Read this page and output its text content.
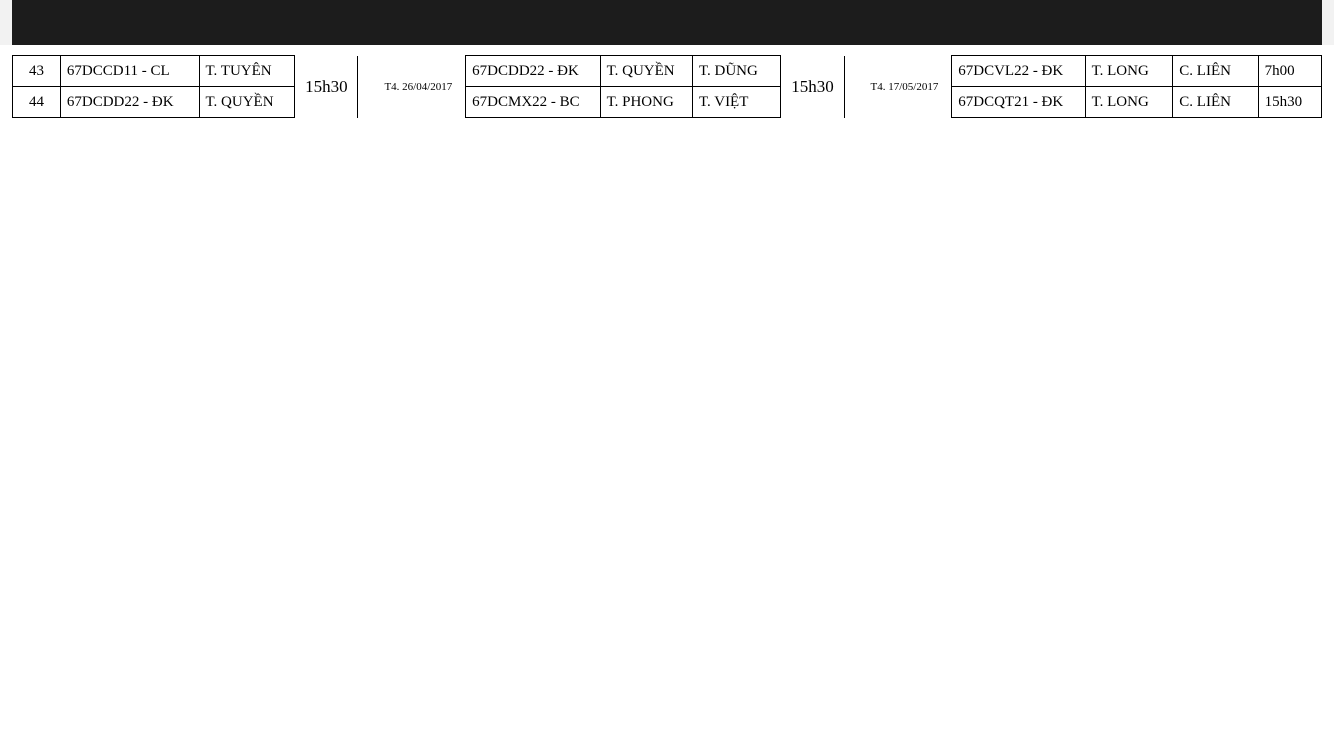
43	67DCCD11 - CL	T. TUYÊN	15h30		T4. 26/04/2017	67DCDD22 - ĐK	T. QUYỀN	T. DŨNG	15h30		T4. 17/05/2017	67DCVL22 - ĐK	T. LONG	C. LIÊN	7h00
44	67DCDD22 - ĐK	T. QUYỀN				67DCMX22 - BC	T. PHONG	T. VIỆT				67DCQT21 - ĐK	T. LONG	C. LIÊN	15h30
